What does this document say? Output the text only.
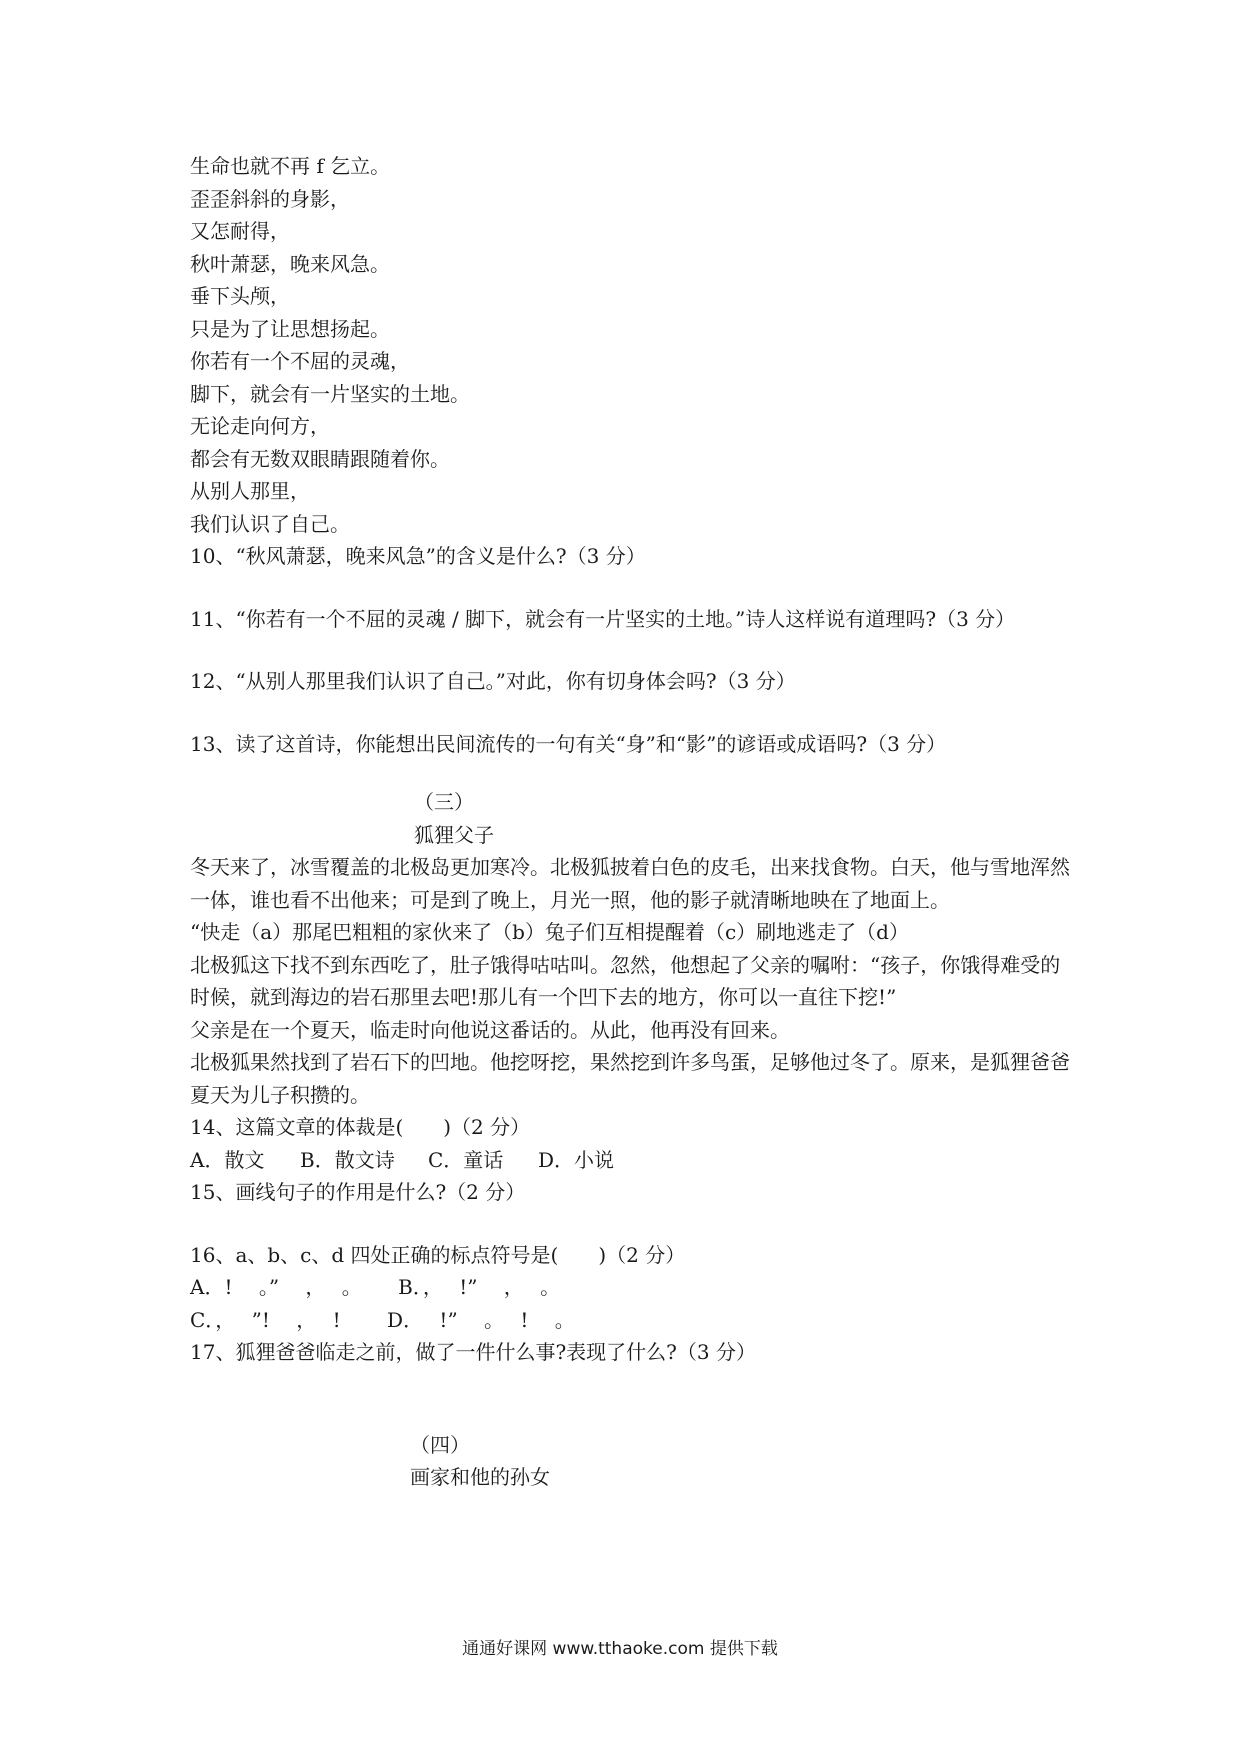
生命也就不再 f 乞立。
歪歪斜斜的身影，
又怎耐得，
秋叶萧瑟，晚来风急。
垂下头颅，
只是为了让思想扬起。
你若有一个不屈的灵魂，
脚下，就会有一片坚实的土地。
无论走向何方，
都会有无数双眼睛跟随着你。
从别人那里，
我们认识了自己。
10、“秋风萧瑟，晚来风急”的含义是什么?（3 分）
11、“你若有一个不屈的灵魂 / 脚下，就会有一片坚实的土地。”诗人这样说有道理吗?（3 分）
12、“从别人那里我们认识了自己。”对此，你有切身体会吗?（3 分）
13、读了这首诗，你能想出民间流传的一句有关“身”和“影”的谚语或成语吗?（3 分）
（三）
狐狸父子
冬天来了，冰雪覆盖的北极岛更加寒冷。北极狐披着白色的皮毛，出来找食物。白天，他与雪地浑然一体，谁也看不出他来；可是到了晚上，月光一照，他的影子就清晰地映在了地面上。
“快走（a）那尾巴粗粗的家伙来了（b）兔子们互相提醒着（c）刷地逃走了（d）
北极狐这下找不到东西吃了，肚子饿得咕咕叫。忽然，他想起了父亲的嘱咐：“孩子，你饿得难受的时候，就到海边的岩石那里去吧!那儿有一个凹下去的地方，你可以一直往下挖!”
父亲是在一个夏天，临走时向他说这番话的。从此，他再没有回来。
北极狐果然找到了岩石下的凹地。他挖呀挖，果然挖到许多鸟蛋，足够他过冬了。原来，是狐狸爸爸夏天为儿子积攒的。
14、这篇文章的体裁是(　　)（2 分）
A．散文 B．散文诗 C．童话 D．小说
15、画线句子的作用是什么?（2 分）
16、a、b、c、d 四处正确的标点符号是(　　)（2 分）
A．!　 。”　 ，　 。　　 B．，　 !”　 ，　 。
C．，　 ”!　 ，　 !　　 D．　 !”　 。　 !　 。
17、狐狸爸爸临走之前，做了一件什么事?表现了什么?（3 分）
（四）
画家和他的孙女
通通好课网 www.tthaoke.com 提供下载
